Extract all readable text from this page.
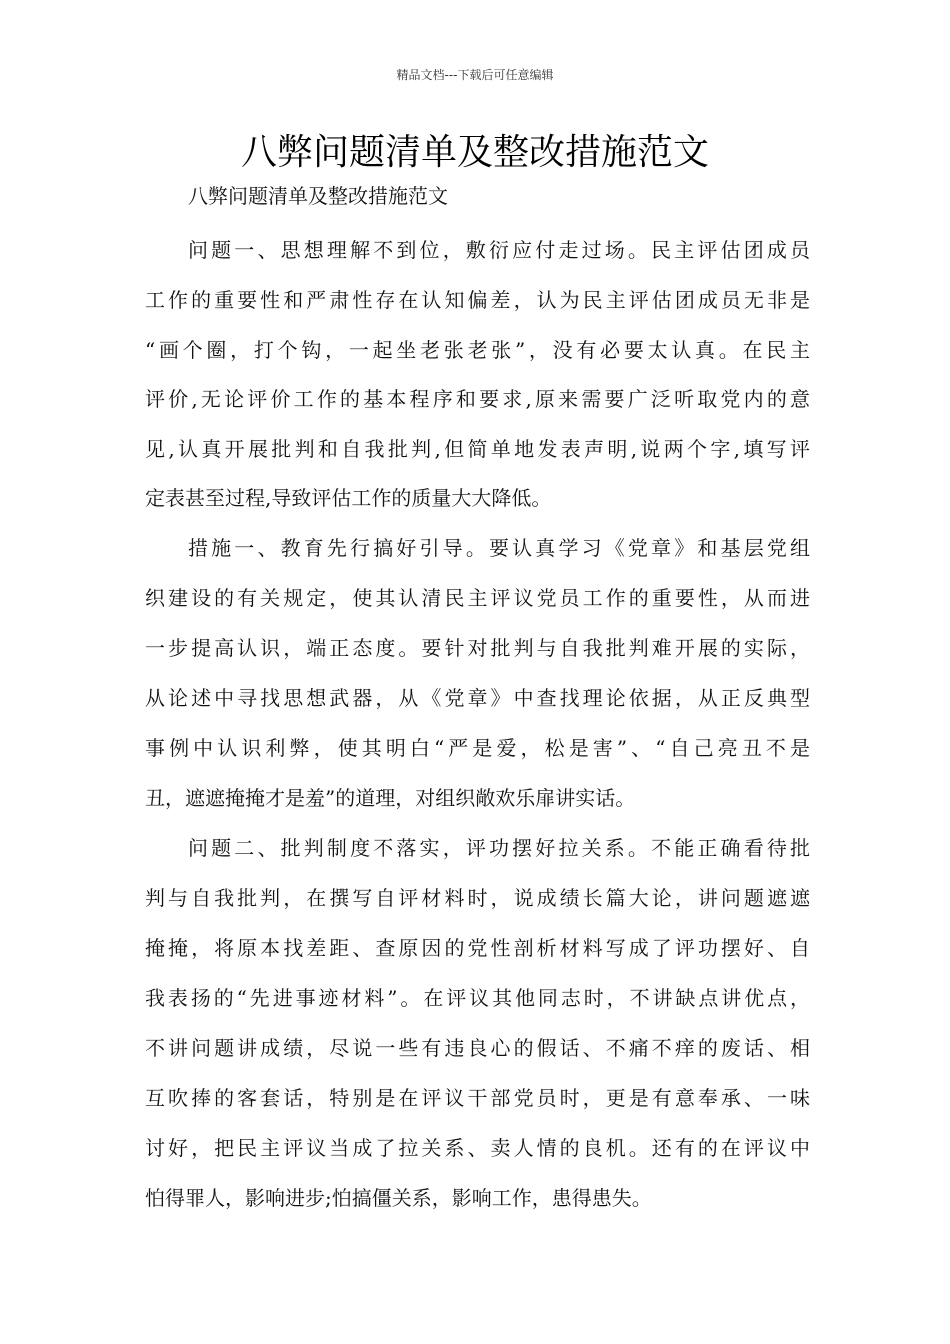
精品文档---下载后可任意编辑
八弊问题清单及整改措施范文
八弊问题清单及整改措施范文
问题一、思想理解不到位，敷衍应付走过场。民主评估团成员
工作的重要性和严肃性存在认知偏差，认为民主评估团成员无非是
“画个圈，打个钩，一起坐老张老张”，没有必要太认真。在民主
评价,无论评价工作的基本程序和要求,原来需要广泛听取党内的意
见,认真开展批判和自我批判,但简单地发表声明,说两个字,填写评
定表甚至过程,导致评估工作的质量大大降低。
措施一、教育先行搞好引导。要认真学习《党章》和基层党组
织建设的有关规定，使其认清民主评议党员工作的重要性，从而进
一步提高认识，端正态度。要针对批判与自我批判难开展的实际，
从论述中寻找思想武器，从《党章》中查找理论依据，从正反典型
事例中认识利弊，使其明白“严是爱，松是害”、“自己亮丑不是
丑，遮遮掩掩才是羞”的道理，对组织敞欢乐扉讲实话。
问题二、批判制度不落实，评功摆好拉关系。不能正确看待批
判与自我批判，在撰写自评材料时，说成绩长篇大论，讲问题遮遮
掩掩，将原本找差距、查原因的党性剖析材料写成了评功摆好、自
我表扬的“先进事迹材料”。在评议其他同志时，不讲缺点讲优点，
不讲问题讲成绩，尽说一些有违良心的假话、不痛不痒的废话、相
互吹捧的客套话，特别是在评议干部党员时，更是有意奉承、一味
讨好，把民主评议当成了拉关系、卖人情的良机。还有的在评议中
怕得罪人，影响进步;怕搞僵关系，影响工作，患得患失。
